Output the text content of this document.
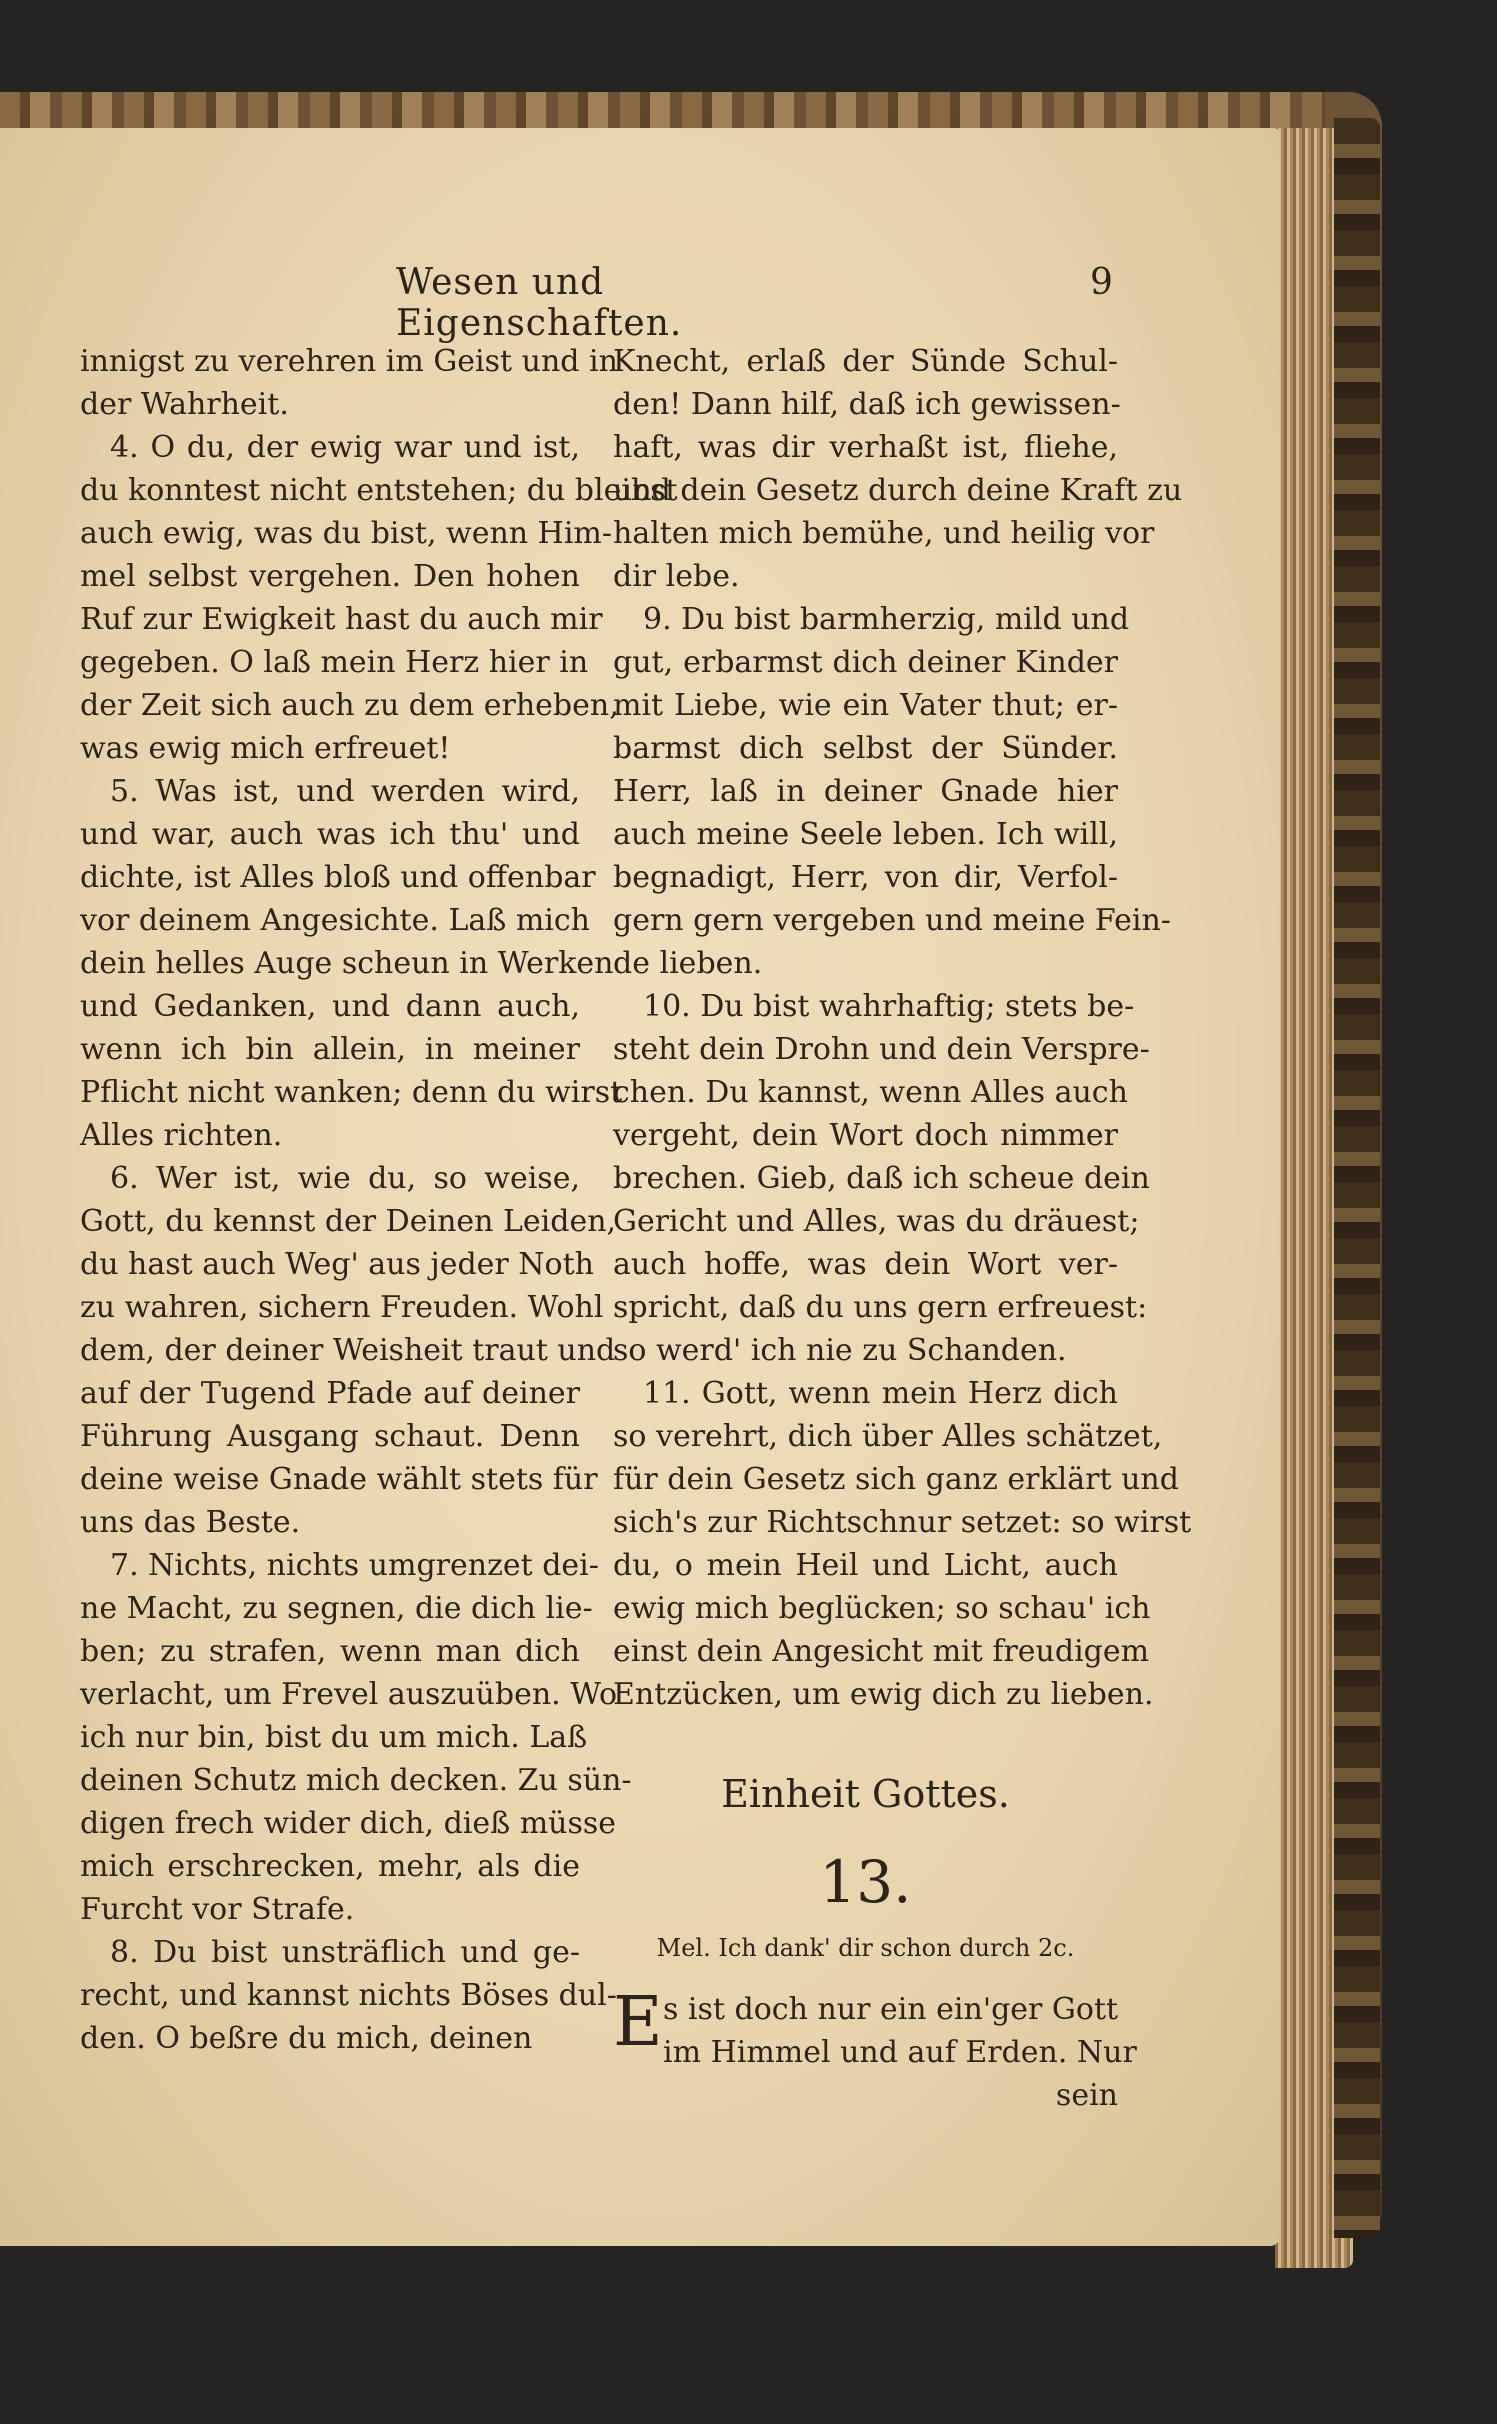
Wesen und Eigenschaften.
9
innigst zu verehren im Geist und in
der Wahrheit.
4. O du, der ewig war und ist,
du konntest nicht entstehen; du bleibst
auch ewig, was du bist, wenn Him-
mel selbst vergehen. Den hohen
Ruf zur Ewigkeit hast du auch mir
gegeben. O laß mein Herz hier in
der Zeit sich auch zu dem erheben,
was ewig mich erfreuet!
5. Was ist, und werden wird,
und war, auch was ich thu' und
dichte, ist Alles bloß und offenbar
vor deinem Angesichte. Laß mich
dein helles Auge scheun in Werken
und Gedanken, und dann auch,
wenn ich bin allein, in meiner
Pflicht nicht wanken; denn du wirst
Alles richten.
6. Wer ist, wie du, so weise,
Gott, du kennst der Deinen Leiden,
du hast auch Weg' aus jeder Noth
zu wahren, sichern Freuden. Wohl
dem, der deiner Weisheit traut und
auf der Tugend Pfade auf deiner
Führung Ausgang schaut. Denn
deine weise Gnade wählt stets für
uns das Beste.
7. Nichts, nichts umgrenzet dei-
ne Macht, zu segnen, die dich lie-
ben; zu strafen, wenn man dich
verlacht, um Frevel auszuüben. Wo
ich nur bin, bist du um mich. Laß
deinen Schutz mich decken. Zu sün-
digen frech wider dich, dieß müsse
mich erschrecken, mehr, als die
Furcht vor Strafe.
8. Du bist unsträflich und ge-
recht, und kannst nichts Böses dul-
den. O beßre du mich, deinen
Knecht, erlaß der Sünde Schul-
den! Dann hilf, daß ich gewissen-
haft, was dir verhaßt ist, fliehe,
und dein Gesetz durch deine Kraft zu
halten mich bemühe, und heilig vor
dir lebe.
9. Du bist barmherzig, mild und
gut, erbarmst dich deiner Kinder
mit Liebe, wie ein Vater thut; er-
barmst dich selbst der Sünder.
Herr, laß in deiner Gnade hier
auch meine Seele leben. Ich will,
begnadigt, Herr, von dir, Verfol-
gern gern vergeben und meine Fein-
de lieben.
10. Du bist wahrhaftig; stets be-
steht dein Drohn und dein Verspre-
chen. Du kannst, wenn Alles auch
vergeht, dein Wort doch nimmer
brechen. Gieb, daß ich scheue dein
Gericht und Alles, was du dräuest;
auch hoffe, was dein Wort ver-
spricht, daß du uns gern erfreuest:
so werd' ich nie zu Schanden.
11. Gott, wenn mein Herz dich
so verehrt, dich über Alles schätzet,
für dein Gesetz sich ganz erklärt und
sich's zur Richtschnur setzet: so wirst
du, o mein Heil und Licht, auch
ewig mich beglücken; so schau' ich
einst dein Angesicht mit freudigem
Entzücken, um ewig dich zu lieben.
Einheit Gottes.
13.
Mel. Ich dank' dir schon durch 2c.
E s ist doch nur ein ein'ger Gott
im Himmel und auf Erden. Nur
sein
